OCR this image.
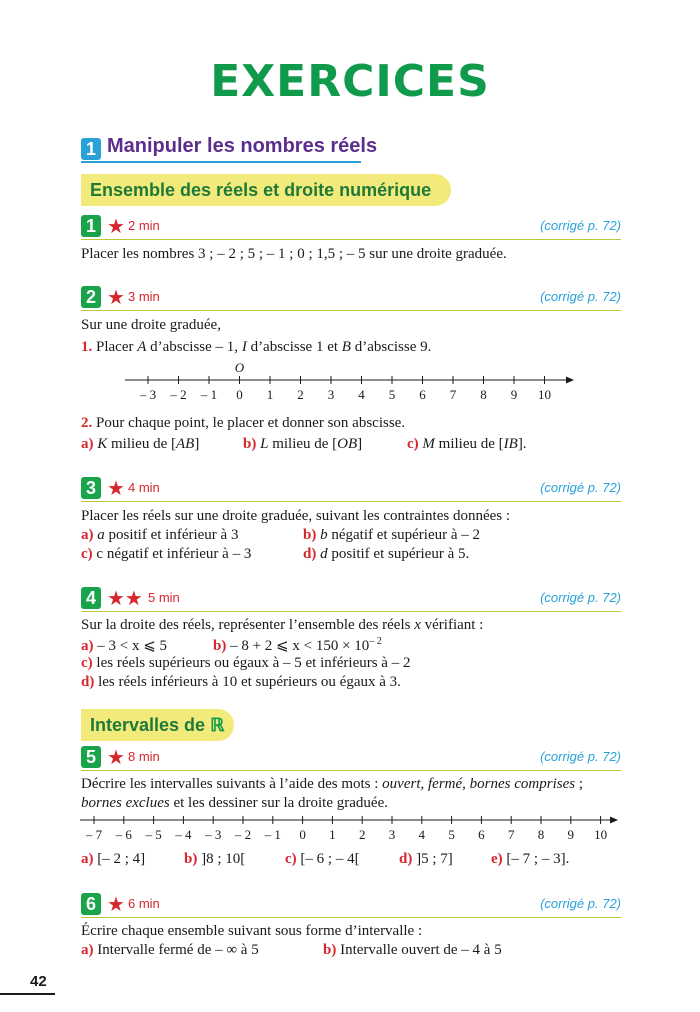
EXERCICES
1 Manipuler les nombres réels
Ensemble des réels et droite numérique
1 ★ 2 min	(corrigé p. 72)
Placer les nombres 3 ; – 2 ; 5 ; – 1 ; 0 ; 1,5 ; – 5 sur une droite graduée.
2 ★ 3 min	(corrigé p. 72)
Sur une droite graduée,
1. Placer A d’abscisse – 1, I d’abscisse 1 et B d’abscisse 9.
– 3 – 2 – 1 0
O
1 2 3 4 5 6 7 8 9 10
2. Pour chaque point, le placer et donner son abscisse.
a) K milieu de [AB]	b) L milieu de [OB]	c) M milieu de [IB].
3 ★ 4 min	(corrigé p. 72)
Placer les réels sur une droite graduée, suivant les contraintes données :
a) a positif et inférieur à 3	b) b négatif et supérieur à – 2
c) c négatif et inférieur à – 3	d) d positif et supérieur à 5.
4 ★★ 5 min	(corrigé p. 72)
Sur la droite des réels, représenter l’ensemble des réels x vérifiant :
a) – 3 < x ⩽ 5	b) – 8 + 2 ⩽ $x < 150 \times 10^{- 2}$
c) les réels supérieurs ou égaux à – 5 et inférieurs à – 2
d) les réels inférieurs à 10 et supérieurs ou égaux à 3.
Intervalles de ℝ
5 ★ 8 min	(corrigé p. 72)
Décrire les intervalles suivants à l’aide des mots : ouvert, fermé, bornes comprises ;
bornes exclues et les dessiner sur la droite graduée.
– 7 – 6 – 5 – 4 – 3 – 2 – 1 0 1 2 3 4 5 6 7 8 9 10
a) [– 2 ; 4]	b) ]8 ; 10[	c) [– 6 ; – 4[	d) ]5 ; 7]	e) [– 7 ; – 3].
6 ★ 6 min	(corrigé p. 72)
Écrire chaque ensemble suivant sous forme d’intervalle :
a) Intervalle fermé de – ∞ à 5	b) Intervalle ouvert de – 4 à 5
42
